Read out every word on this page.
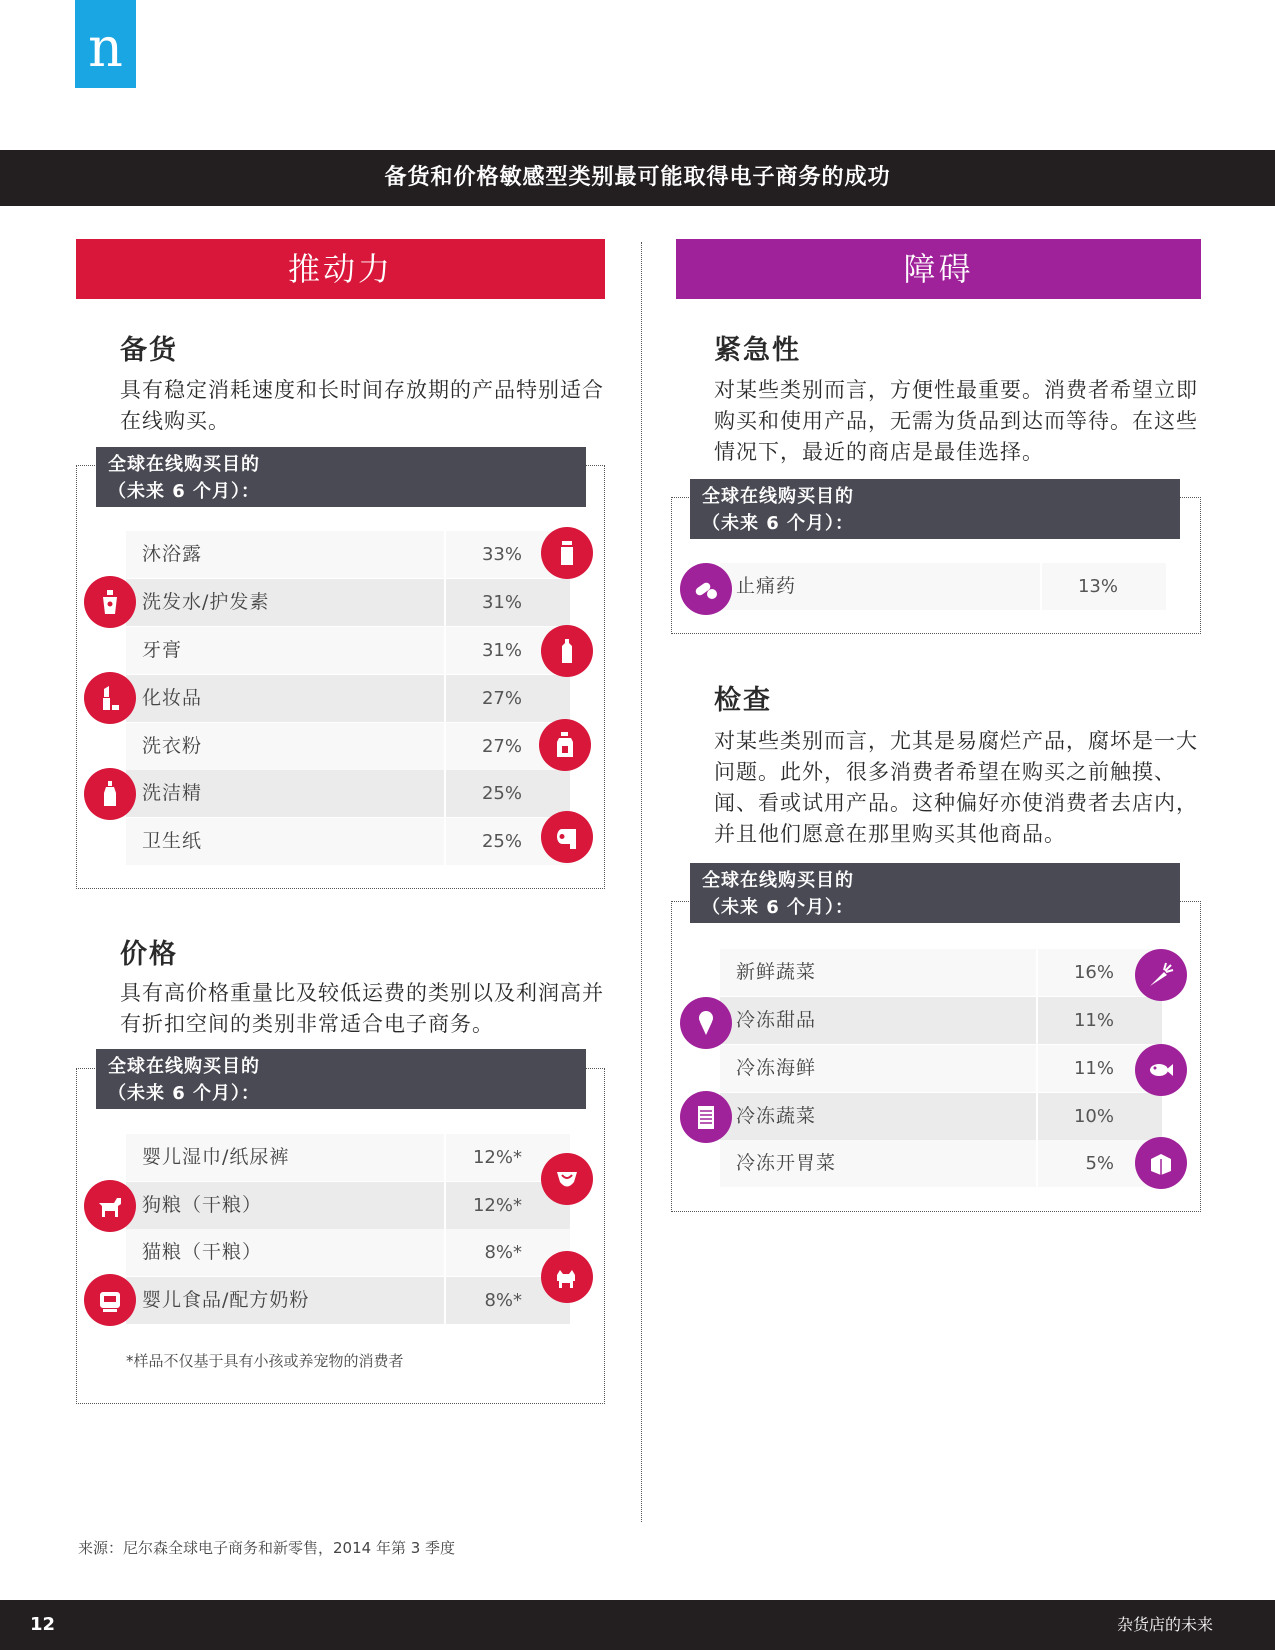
n
备货和价格敏感型类别最可能取得电子商务的成功
推动力
备货
具有稳定消耗速度和长时间存放期的产品特别适合在线购买。
全球在线购买目的
（未来 6 个月）：
沐浴露	33%
洗发水/护发素	31%
牙膏	31%
化妆品	27%
洗衣粉	27%
洗洁精	25%
卫生纸	25%
价格
具有高价格重量比及较低运费的类别以及利润高并有折扣空间的类别非常适合电子商务。
全球在线购买目的
（未来 6 个月）：
婴儿湿巾/纸尿裤	12%*
狗粮（干粮）	12%*
猫粮（干粮）	8%*
婴儿食品/配方奶粉	8%*
*样品不仅基于具有小孩或养宠物的消费者
障碍
紧急性
对某些类别而言，方便性最重要。消费者希望立即购买和使用产品，无需为货品到达而等待。在这些情况下，最近的商店是最佳选择。
全球在线购买目的
（未来 6 个月）：
止痛药	13%
检查
对某些类别而言，尤其是易腐烂产品，腐坏是一大问题。此外，很多消费者希望在购买之前触摸、闻、看或试用产品。这种偏好亦使消费者去店内，并且他们愿意在那里购买其他商品。
全球在线购买目的
（未来 6 个月）：
新鲜蔬菜	16%
冷冻甜品	11%
冷冻海鲜	11%
冷冻蔬菜	10%
冷冻开胃菜	5%
来源：尼尔森全球电子商务和新零售，2014 年第 3 季度
12	杂货店的未来
